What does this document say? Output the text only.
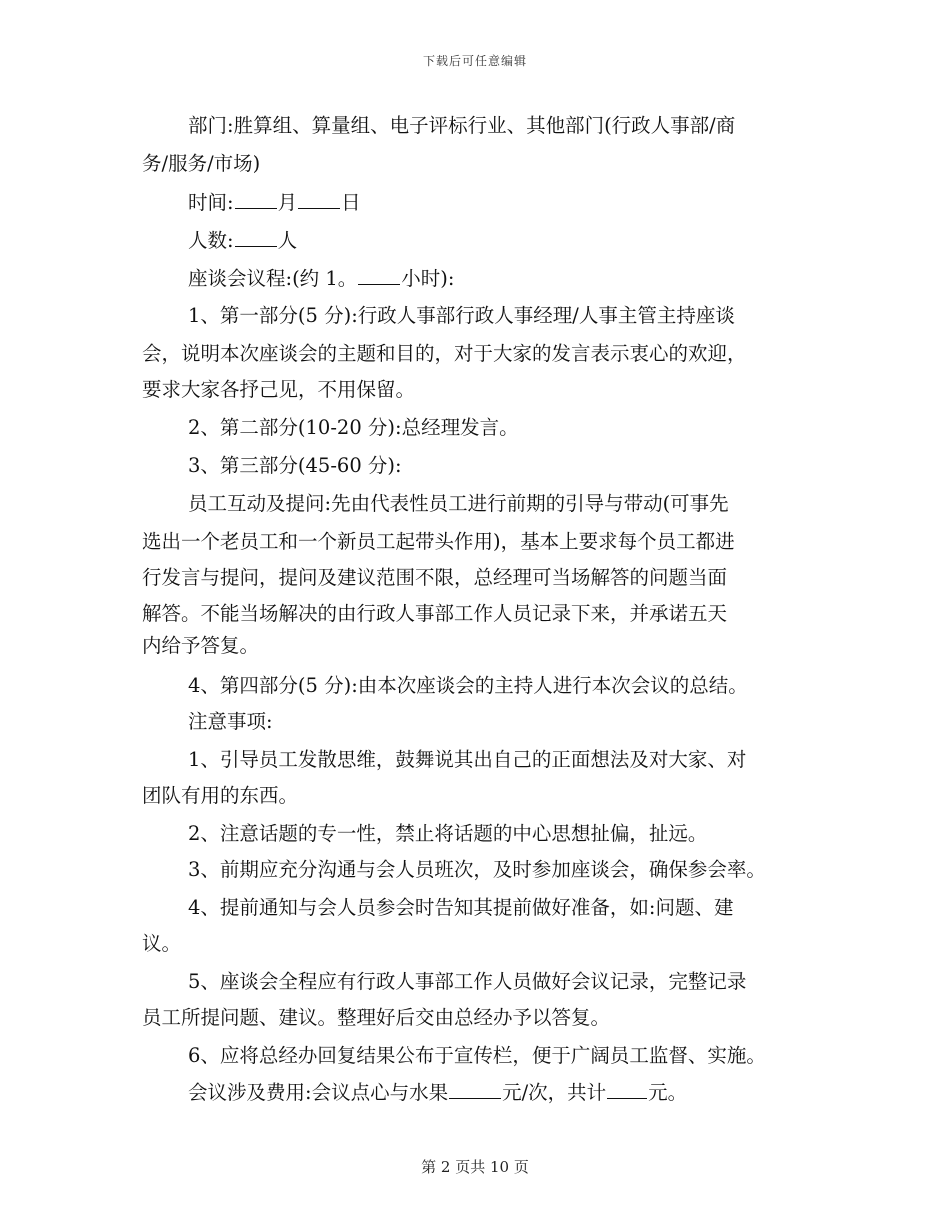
下载后可任意编辑
部门:胜算组、算量组、电子评标行业、其他部门(行政人事部/商
务/服务/市场)
时间: 月 日
人数: 人
座谈会议程:(约 1。 小时):
1、第一部分(5 分):行政人事部行政人事经理/人事主管主持座谈
会，说明本次座谈会的主题和目的，对于大家的发言表示衷心的欢迎，
要求大家各抒己见，不用保留。
2、第二部分(10-20 分):总经理发言。
3、第三部分(45-60 分):
员工互动及提问:先由代表性员工进行前期的引导与带动(可事先
选出一个老员工和一个新员工起带头作用)，基本上要求每个员工都进
行发言与提问，提问及建议范围不限，总经理可当场解答的问题当面
解答。不能当场解决的由行政人事部工作人员记录下来，并承诺五天
内给予答复。
4、第四部分(5 分):由本次座谈会的主持人进行本次会议的总结。
注意事项:
1、引导员工发散思维，鼓舞说其出自己的正面想法及对大家、对
团队有用的东西。
2、注意话题的专一性，禁止将话题的中心思想扯偏，扯远。
3、前期应充分沟通与会人员班次，及时参加座谈会，确保参会率。
4、提前通知与会人员参会时告知其提前做好准备，如:问题、建
议。
5、座谈会全程应有行政人事部工作人员做好会议记录，完整记录
员工所提问题、建议。整理好后交由总经办予以答复。
6、应将总经办回复结果公布于宣传栏，便于广阔员工监督、实施。
会议涉及费用:会议点心与水果	元/次，共计 元。
第 2 页共 10 页
